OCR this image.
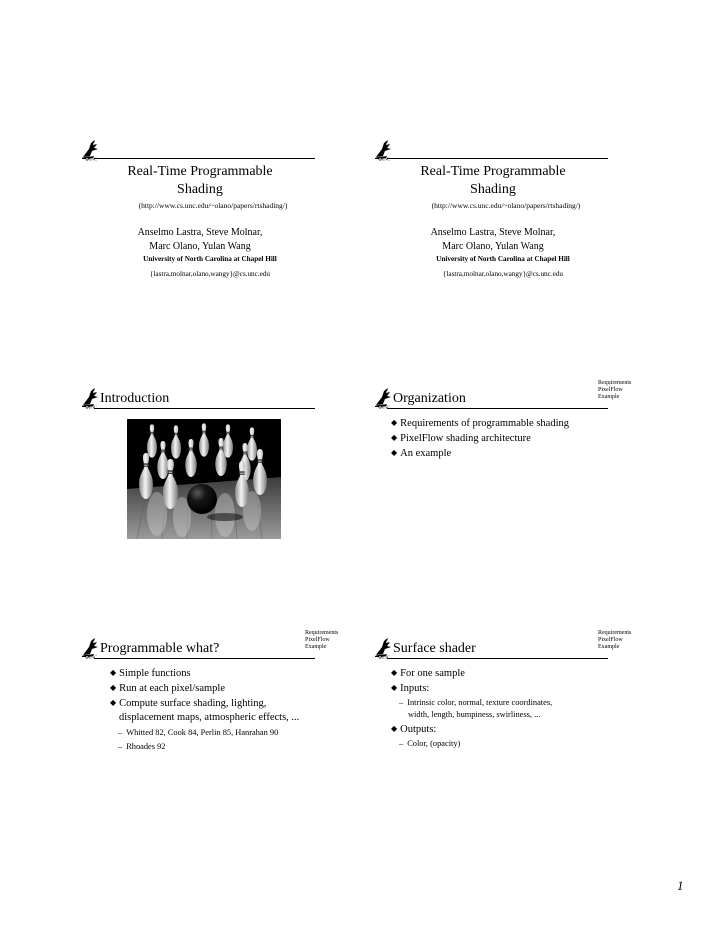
Real-Time Programmable
Shading
(http://www.cs.unc.edu/~olano/papers/rtshading/)
Anselmo Lastra, Steve Molnar,
Marc Olano, Yulan Wang
University of North Carolina at Chapel Hill
{lastra,molnar,olano,wangy}@cs.unc.edu
Real-Time Programmable
Shading
(http://www.cs.unc.edu/~olano/papers/rtshading/)
Anselmo Lastra, Steve Molnar,
Marc Olano, Yulan Wang
University of North Carolina at Chapel Hill
{lastra,molnar,olano,wangy}@cs.unc.edu
Introduction	Organization
Requirements
PixelFlow
Example
◆ Requirements of programmable shading
◆ PixelFlow shading architecture
◆ An example
Programmable what?
Requirements
PixelFlow
Example
◆ Simple functions
◆ Run at each pixel/sample
◆ Compute surface shading, lighting,
displacement maps, atmospheric effects, ...
– Whitted 82, Cook 84, Perlin 85, Hanrahan 90
– Rhoades 92
Surface shader
Requirements
PixelFlow
Example
◆ For one sample
◆ Inputs:
– Intrinsic color, normal, texture coordinates,
width, length, bumpiness, swirliness, ...
◆ Outputs:
– Color, (opacity)
1
